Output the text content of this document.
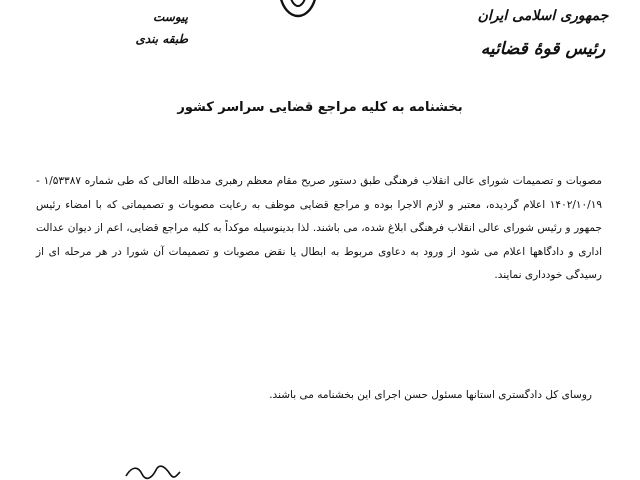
جمهوری اسلامی ایران
رئیس قوهٔ قضائیه
پیوست
طبقه بندی
بخشنامه به کلیه مراجع قضایی سراسر کشور

مصوبات و تصمیمات شورای عالی انقلاب فرهنگی طبق دستور صریح مقام معظم رهبری مدظله العالی که طی شماره ۱/۵۳۳۸۷ - ۱۴۰۲/۱۰/۱۹ اعلام گردیده، معتبر و لازم الاجرا بوده و مراجع قضایی موظف به رعایت مصوبات و تصمیماتی که با امضاء رئیس جمهور و رئیس شورای عالی انقلاب فرهنگی ابلاغ شده، می باشند. لذا بدینوسیله موکداً به کلیه مراجع قضایی، اعم از دیوان عدالت اداری و دادگاهها اعلام می شود از ورود به دعاوی مربوط به ابطال یا نقض مصوبات و تصمیمات آن شورا در هر مرحله ای از رسیدگی خودداری نمایند.

روسای کل دادگستری استانها مسئول حسن اجرای این بخشنامه می باشند.
